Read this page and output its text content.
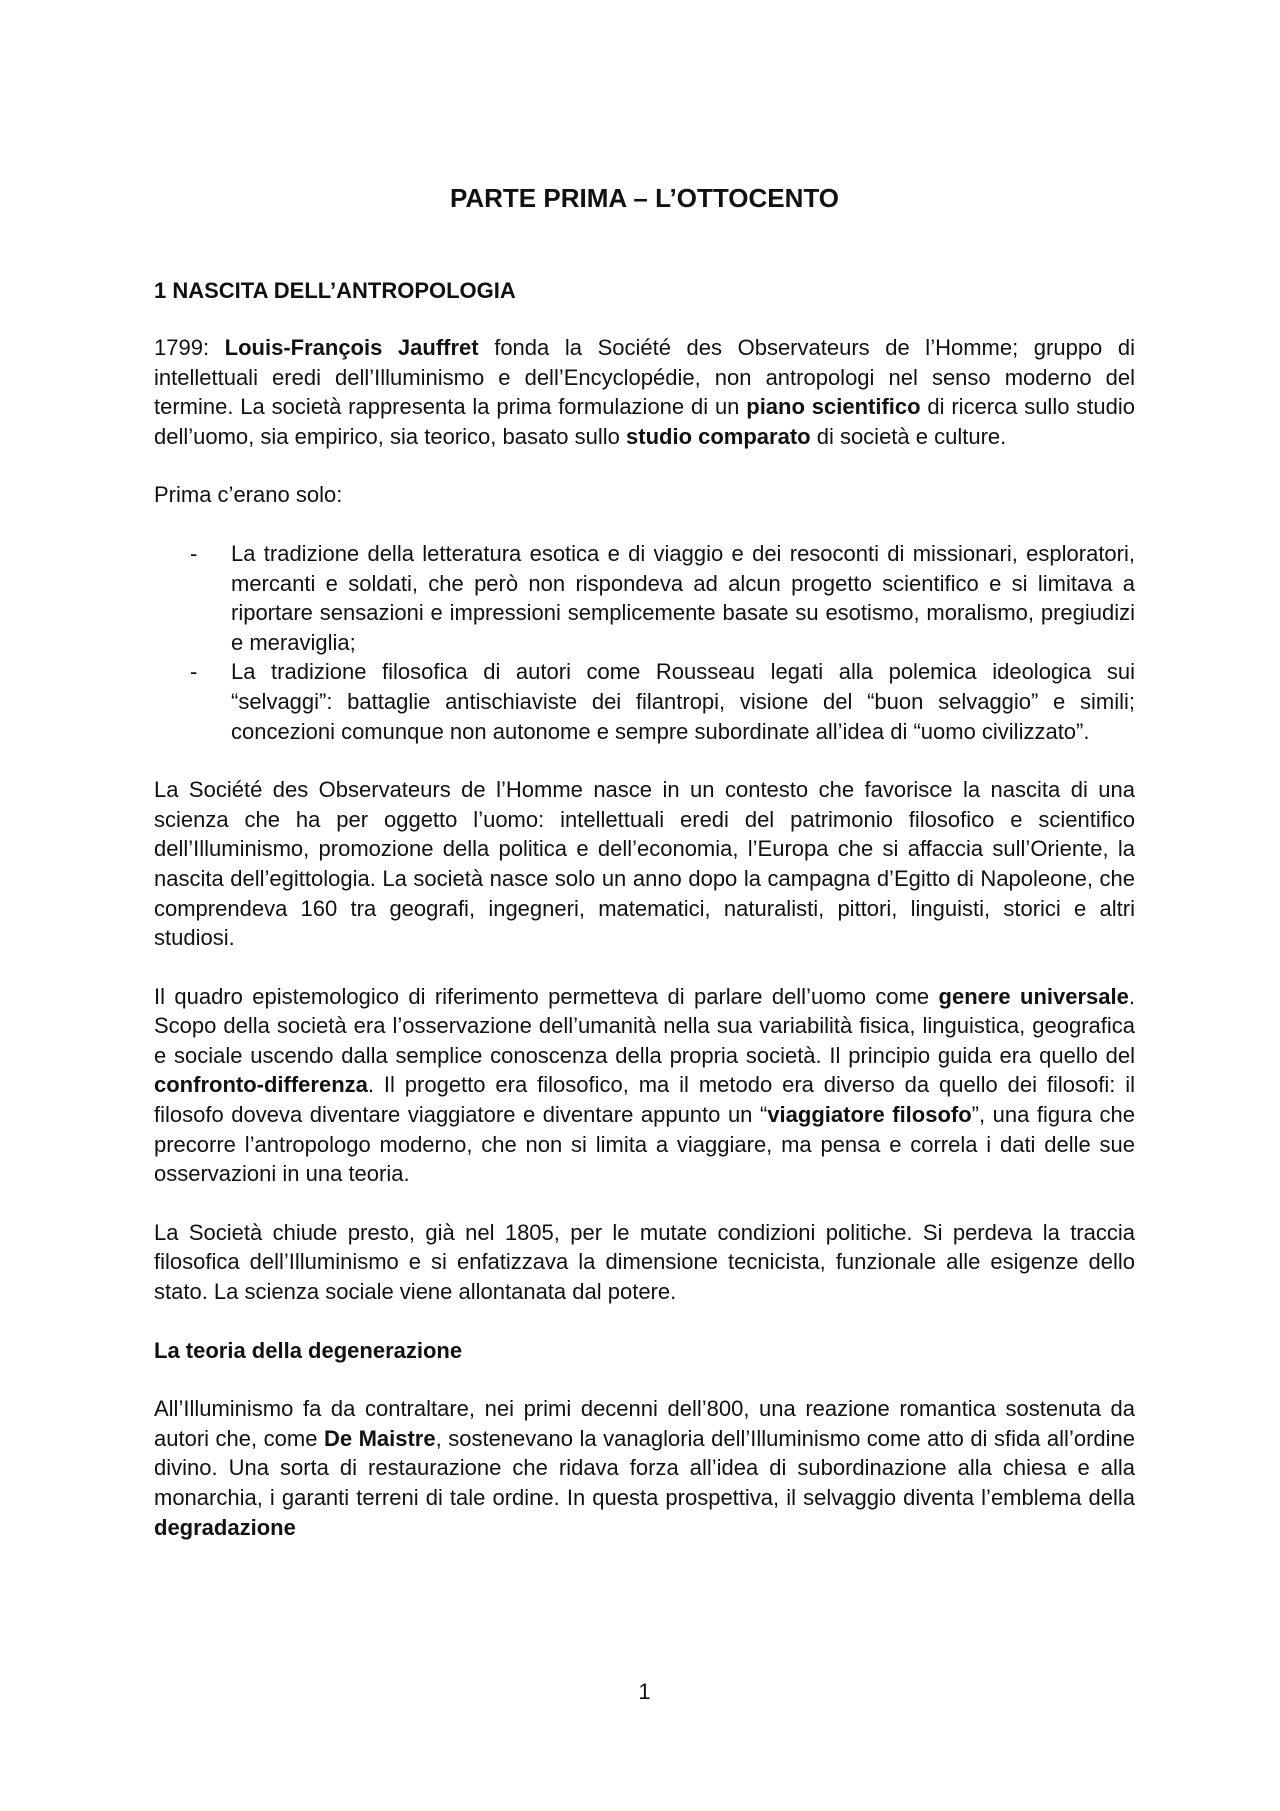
PARTE PRIMA – L’OTTOCENTO
1 NASCITA DELL’ANTROPOLOGIA

1799: Louis-François Jauffret fonda la Société des Observateurs de l’Homme; gruppo di intellettuali eredi dell’Illuminismo e dell’Encyclopédie, non antropologi nel senso moderno del termine. La società rappresenta la prima formulazione di un piano scientifico di ricerca sullo studio dell’uomo, sia empirico, sia teorico, basato sullo studio comparato di società e culture.

Prima c’erano solo:

- La tradizione della letteratura esotica e di viaggio e dei resoconti di missionari, esploratori, mercanti e soldati, che però non rispondeva ad alcun progetto scientifico e si limitava a riportare sensazioni e impressioni semplicemente basate su esotismo, moralismo, pregiudizi e meraviglia;
- La tradizione filosofica di autori come Rousseau legati alla polemica ideologica sui “selvaggi”: battaglie antischiaviste dei filantropi, visione del “buon selvaggio” e simili; concezioni comunque non autonome e sempre subordinate all’idea di “uomo civilizzato”.

La Société des Observateurs de l’Homme nasce in un contesto che favorisce la nascita di una scienza che ha per oggetto l’uomo: intellettuali eredi del patrimonio filosofico e scientifico dell’Illuminismo, promozione della politica e dell’economia, l’Europa che si affaccia sull’Oriente, la nascita dell’egittologia. La società nasce solo un anno dopo la campagna d’Egitto di Napoleone, che comprendeva 160 tra geografi, ingegneri, matematici, naturalisti, pittori, linguisti, storici e altri studiosi.

Il quadro epistemologico di riferimento permetteva di parlare dell’uomo come genere universale. Scopo della società era l’osservazione dell’umanità nella sua variabilità fisica, linguistica, geografica e sociale uscendo dalla semplice conoscenza della propria società. Il principio guida era quello del confronto-differenza. Il progetto era filosofico, ma il metodo era diverso da quello dei filosofi: il filosofo doveva diventare viaggiatore e diventare appunto un “viaggiatore filosofo”, una figura che precorre l’antropologo moderno, che non si limita a viaggiare, ma pensa e correla i dati delle sue osservazioni in una teoria.

La Società chiude presto, già nel 1805, per le mutate condizioni politiche. Si perdeva la traccia filosofica dell’Illuminismo e si enfatizzava la dimensione tecnicista, funzionale alle esigenze dello stato. La scienza sociale viene allontanata dal potere.

La teoria della degenerazione

All’Illuminismo fa da contraltare, nei primi decenni dell’800, una reazione romantica sostenuta da autori che, come De Maistre, sostenevano la vanagloria dell’Illuminismo come atto di sfida all’ordine divino. Una sorta di restaurazione che ridava forza all’idea di subordinazione alla chiesa e alla monarchia, i garanti terreni di tale ordine. In questa prospettiva, il selvaggio diventa l’emblema della degradazione

1
